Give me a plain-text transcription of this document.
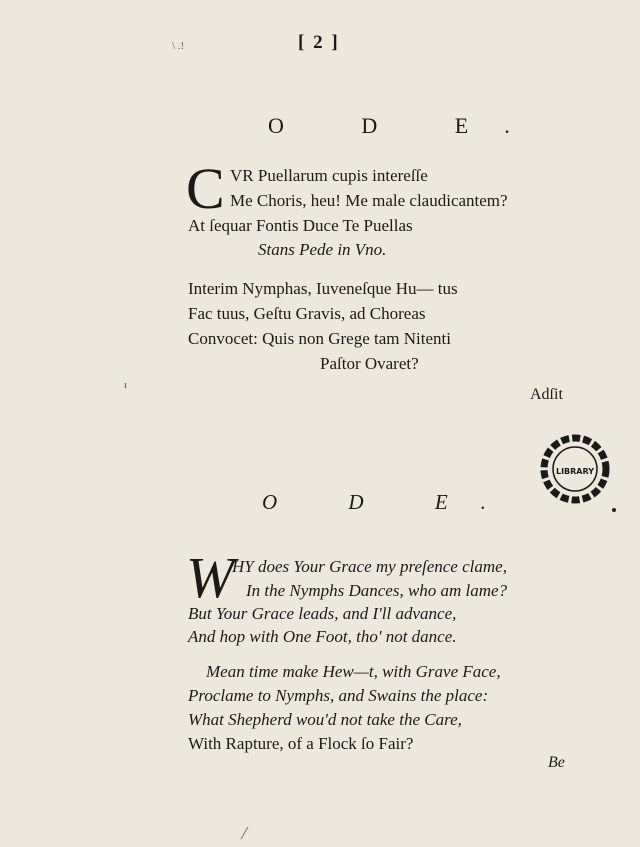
\ .!	[ 2 ]
O D E.
C VR Puellarum cupis intereſſe
Me Choris, heu! Me male claudicantem?
At ſequar Fontis Duce Te Puellas
Stans Pede in Vno.
Interim Nymphas, Iuveneſque Hu— tus
Fac tuus, Geſtu Gravis, ad Choreas
Convocet: Quis non Grege tam Nitenti
Paſtor Ovaret?
Adſit
ı
LIBRARY
O D E.
W
HY does Your Grace my preſence clame,
In the Nymphs Dances, who am lame?
But Your Grace leads, and I'll advance,
And hop with One Foot, tho' not dance.
Mean time make Hew—t, with Grave Face,
Proclame to Nymphs, and Swains the place:
What Shepherd wou'd not take the Care,
With Rapture, of a Flock ſo Fair?
Be
